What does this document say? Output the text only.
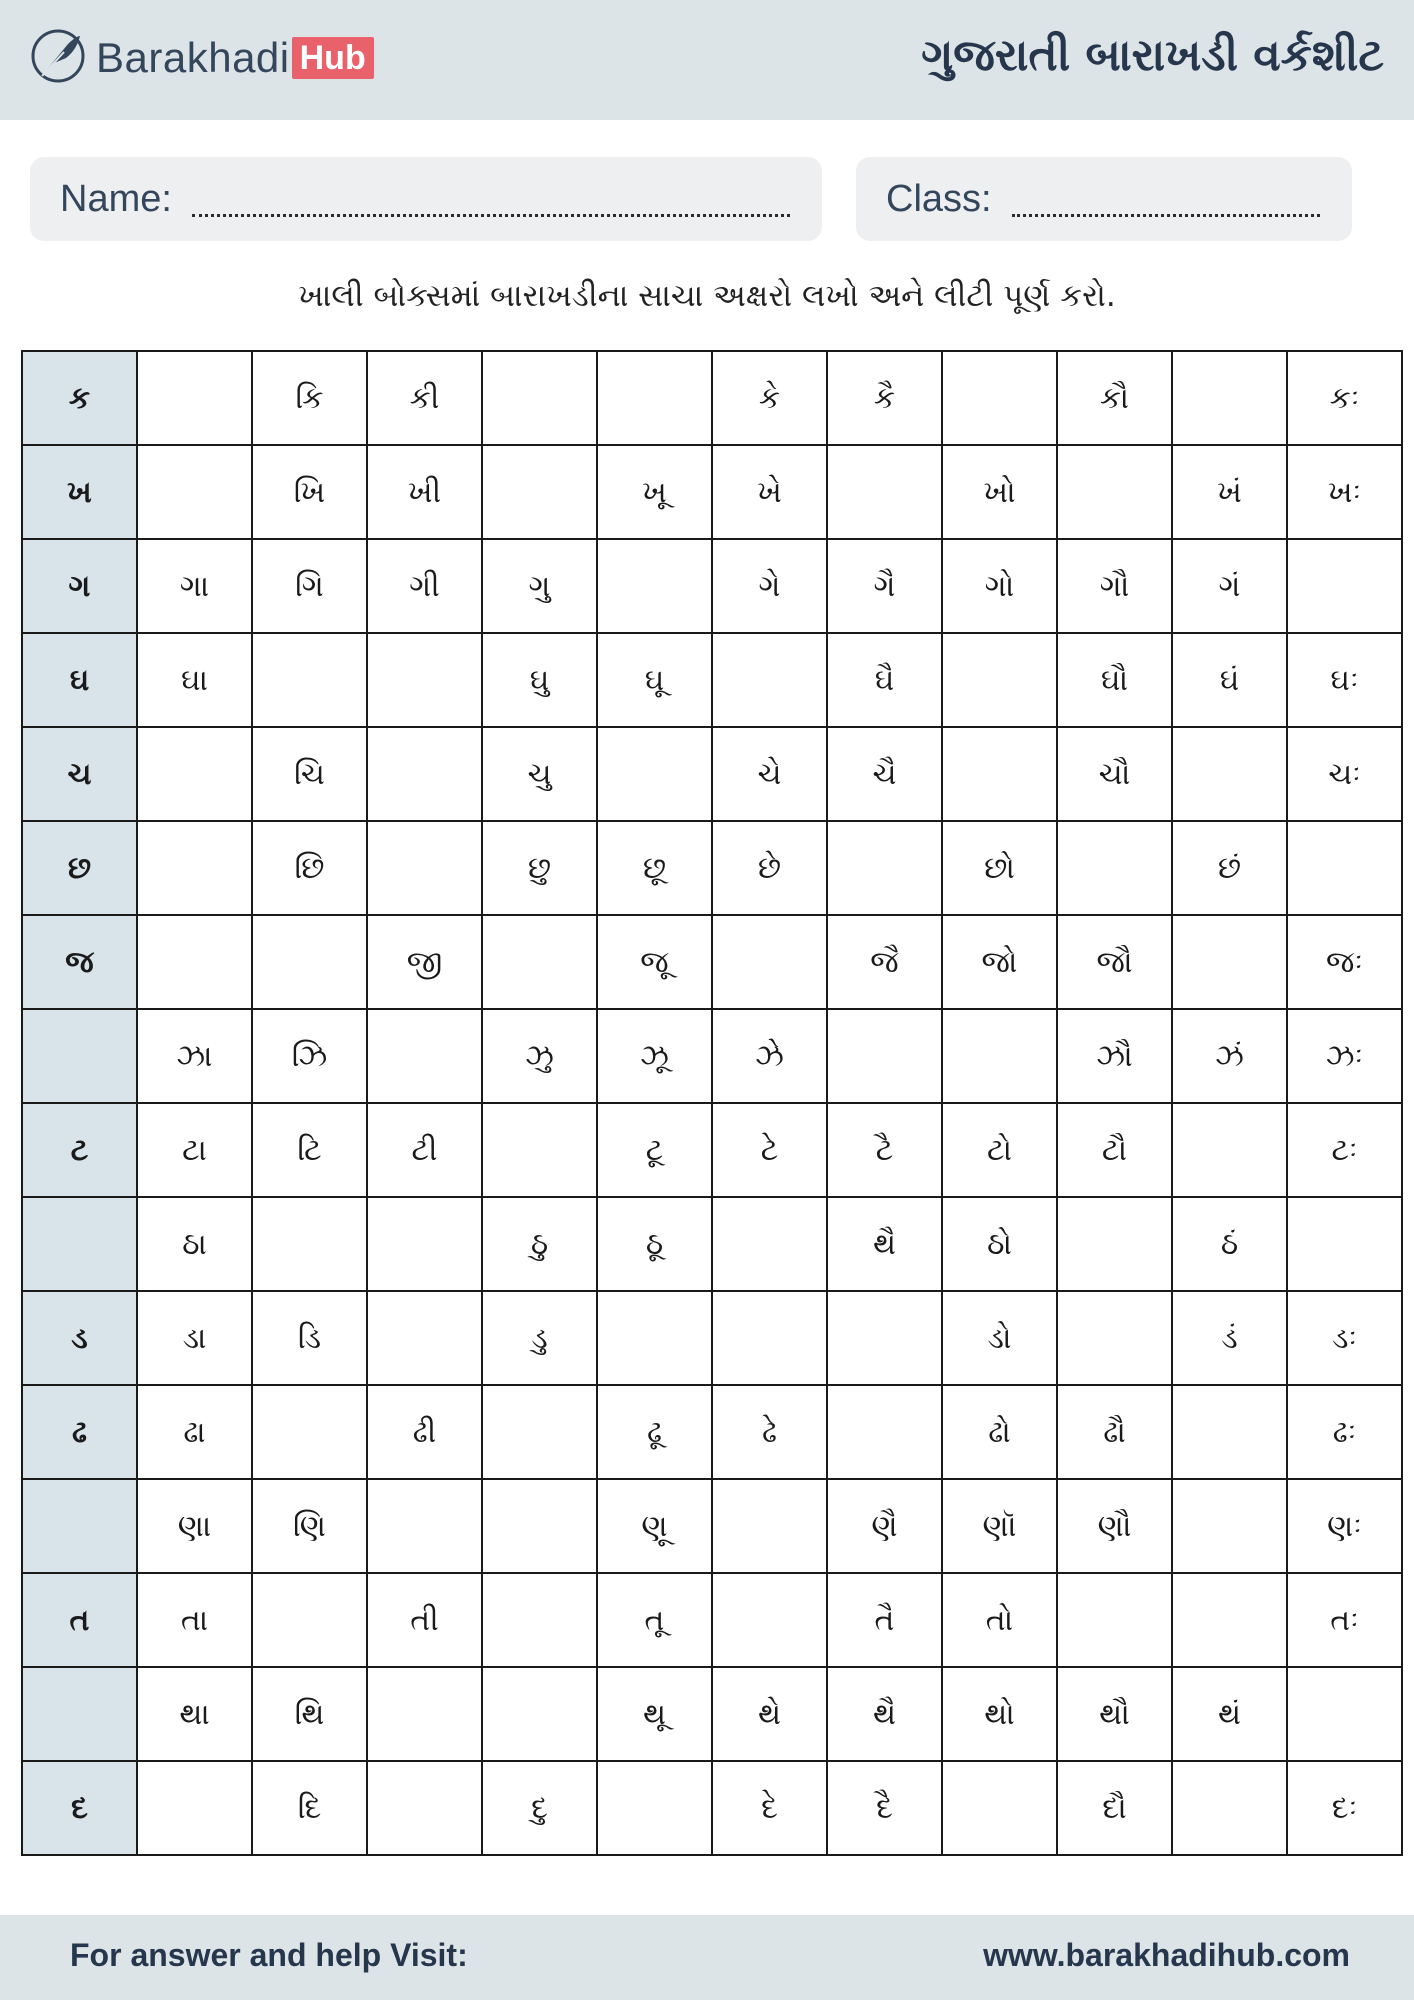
Barakhadi Hub	ગુજરાતી બારાખડી વર્કશીટ
Name:	Class:
ખાલી બોક્સમાં બારાખડીના સાચા અક્ષરો લખો અને લીટી પૂર્ણ કરો.
ક		કિ	કી			કે	કૈ		કૌ		કઃ
ખ		ખિ	ખી		ખૂ	ખે		ખો		ખં	ખઃ
ગ	ગા	ગિ	ગી	ગુ		ગે	ગૈ	ગો	ગૌ	ગં	
ઘ	ઘા			ઘુ	ઘૂ		ઘૈ		ઘૌ	ઘં	ઘઃ
ચ		ચિ		ચુ		ચે	ચૈ		ચૌ		ચઃ
છ		છિ		છુ	છૂ	છે		છો		છં	
જ			જી		જૂ		જૈ	જો	જૌ		જઃ
	ઝા	ઝિ		ઝુ	ઝૂ	ઝે			ઝૌ	ઝં	ઝઃ
ટ	ટા	ટિ	ટી		ટૂ	ટે	ટૈ	ટો	ટૌ		ટઃ
	ઠા			ઠુ	ઠૂ		થૈ	ઠો		ઠં	
ડ	ડા	ડિ		ડુ				ડો		ડં	ડઃ
ઢ	ઢા		ઢી		ઢૂ	ઢે		ઢો	ઢૌ		ઢઃ
	ણા	ણિ			ણૂ		ણૈ	ણૉ	ણૌ		ણઃ
ત	તા		તી		તૂ		તૈ	તો			તઃ
	થા	થિ			થૂ	થે	થૈ	થો	થૌ	થં	
દ		દિ		દુ		દે	દૈ		દૌ		દઃ
For answer and help Visit:	www.barakhadihub.com
